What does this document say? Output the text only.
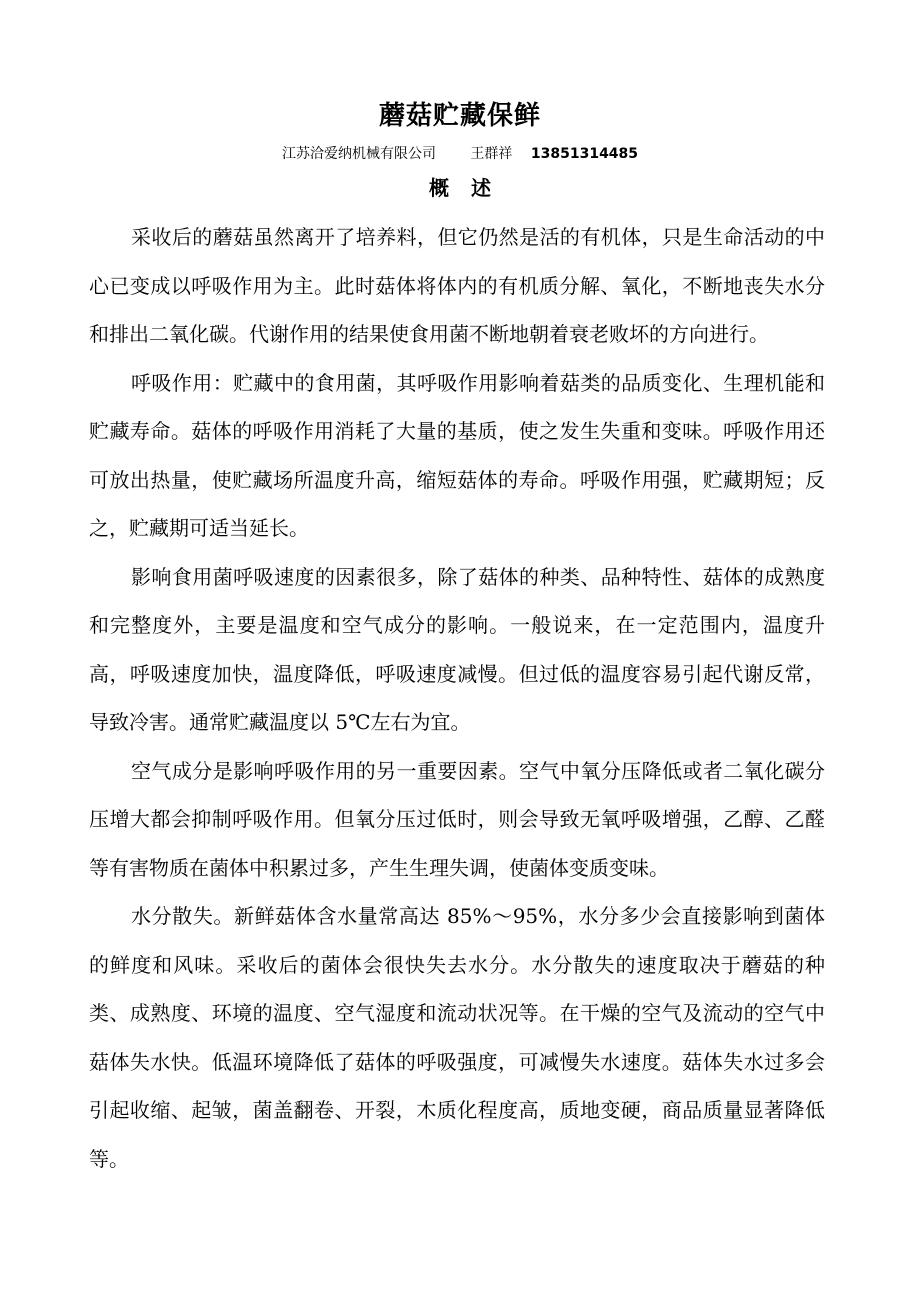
蘑菇贮藏保鲜
江苏洽爱纳机械有限公司 王群祥 13851314485
概述

采收后的蘑菇虽然离开了培养料，但它仍然是活的有机体，只是生命活动的中心已变成以呼吸作用为主。此时菇体将体内的有机质分解、氧化，不断地丧失水分和排出二氧化碳。代谢作用的结果使食用菌不断地朝着衰老败坏的方向进行。

呼吸作用：贮藏中的食用菌，其呼吸作用影响着菇类的品质变化、生理机能和贮藏寿命。菇体的呼吸作用消耗了大量的基质，使之发生失重和变味。呼吸作用还可放出热量，使贮藏场所温度升高，缩短菇体的寿命。呼吸作用强，贮藏期短；反之，贮藏期可适当延长。

影响食用菌呼吸速度的因素很多，除了菇体的种类、品种特性、菇体的成熟度和完整度外，主要是温度和空气成分的影响。一般说来，在一定范围内，温度升高，呼吸速度加快，温度降低，呼吸速度减慢。但过低的温度容易引起代谢反常，导致冷害。通常贮藏温度以 5℃左右为宜。

空气成分是影响呼吸作用的另一重要因素。空气中氧分压降低或者二氧化碳分压增大都会抑制呼吸作用。但氧分压过低时，则会导致无氧呼吸增强，乙醇、乙醛等有害物质在菌体中积累过多，产生生理失调，使菌体变质变味。

水分散失。新鲜菇体含水量常高达 85%～95%，水分多少会直接影响到菌体的鲜度和风味。采收后的菌体会很快失去水分。水分散失的速度取决于蘑菇的种类、成熟度、环境的温度、空气湿度和流动状况等。在干燥的空气及流动的空气中菇体失水快。低温环境降低了菇体的呼吸强度，可减慢失水速度。菇体失水过多会引起收缩、起皱，菌盖翻卷、开裂，木质化程度高，质地变硬，商品质量显著降低等。
